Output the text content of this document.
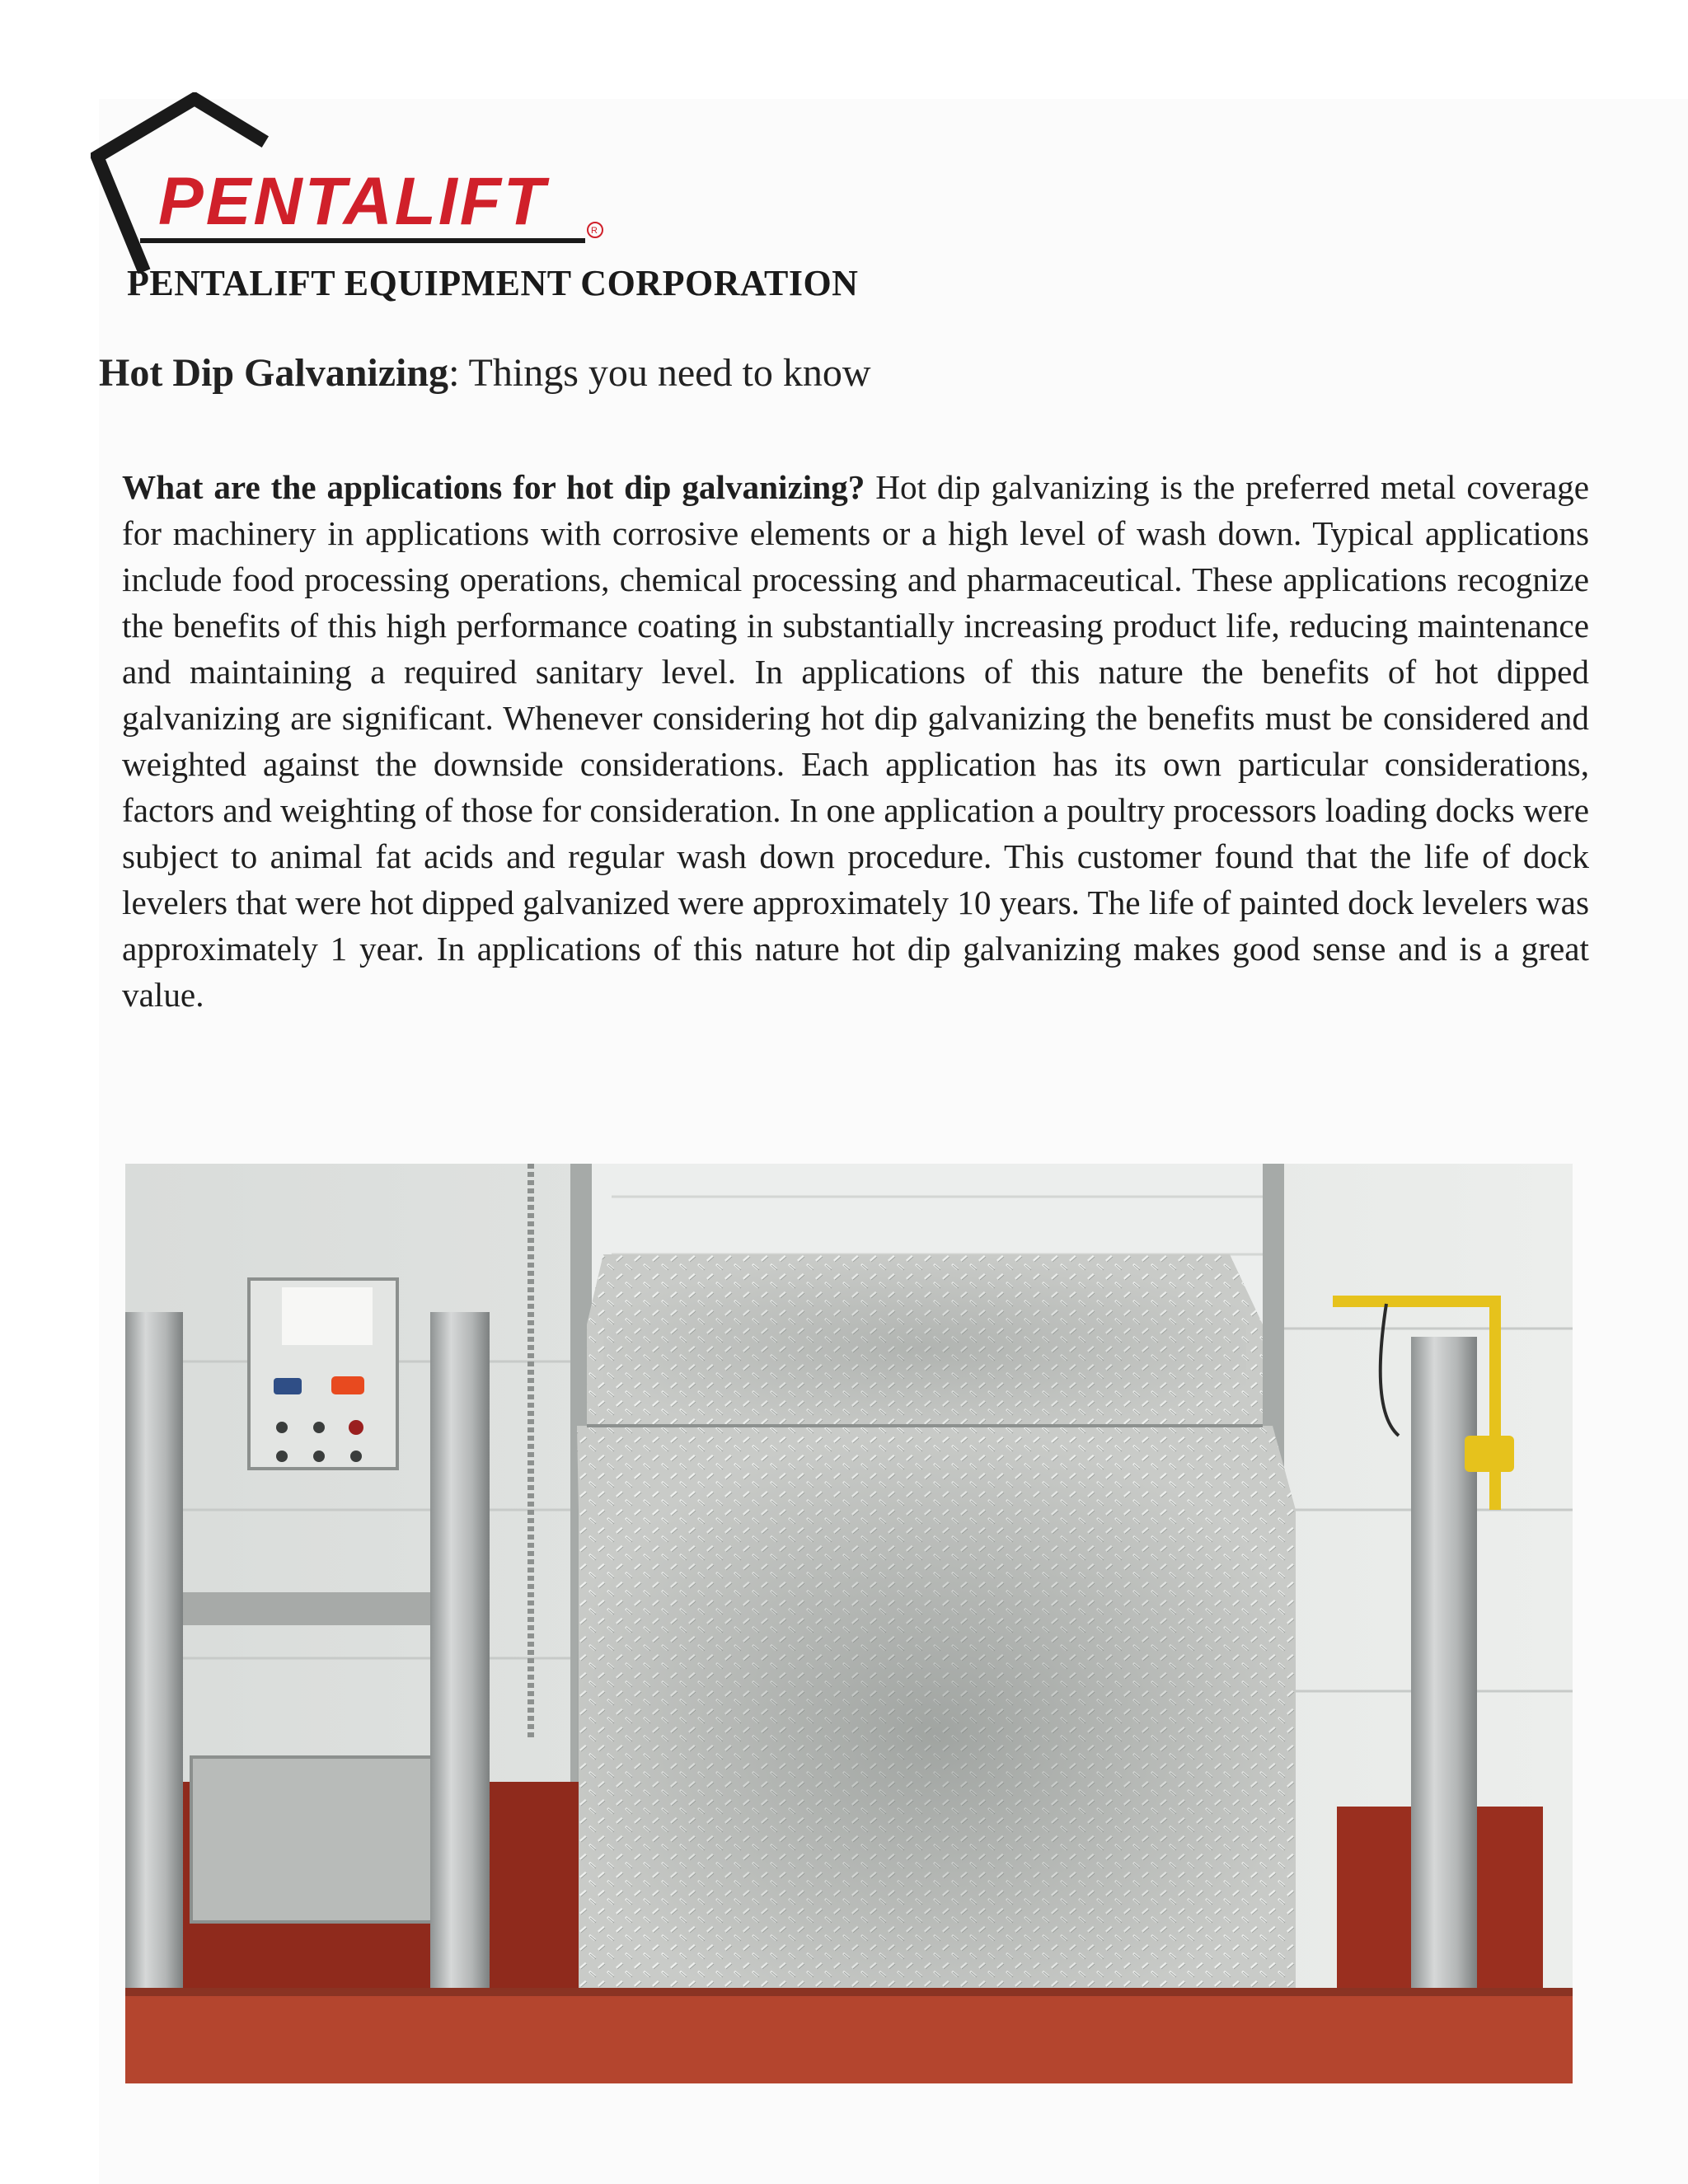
PENTALIFT	R
PENTALIFT EQUIPMENT CORPORATION
Hot Dip Galvanizing: Things you need to know
What are the applications for hot dip galvanizing? Hot dip galvanizing is the preferred metal coverage for machinery in applications with corrosive elements or a high level of wash down. Typical applications include food processing operations, chemical processing and pharmaceutical. These applications recognize the benefits of this high performance coating in substantially increasing product life, reducing maintenance and maintaining a required sanitary level. In applications of this nature the benefits of hot dipped galvanizing are significant. Whenever considering hot dip galvanizing the benefits must be considered and weighted against the downside considerations. Each application has its own particular considerations, factors and weighting of those for consideration. In one application a poultry processors loading docks were subject to animal fat acids and regular wash down procedure. This customer found that the life of dock levelers that were hot dipped galvanized were approximately 10 years. The life of painted dock levelers was approximately 1 year. In applications of this nature hot dip galvanizing makes good sense and is a great value.
